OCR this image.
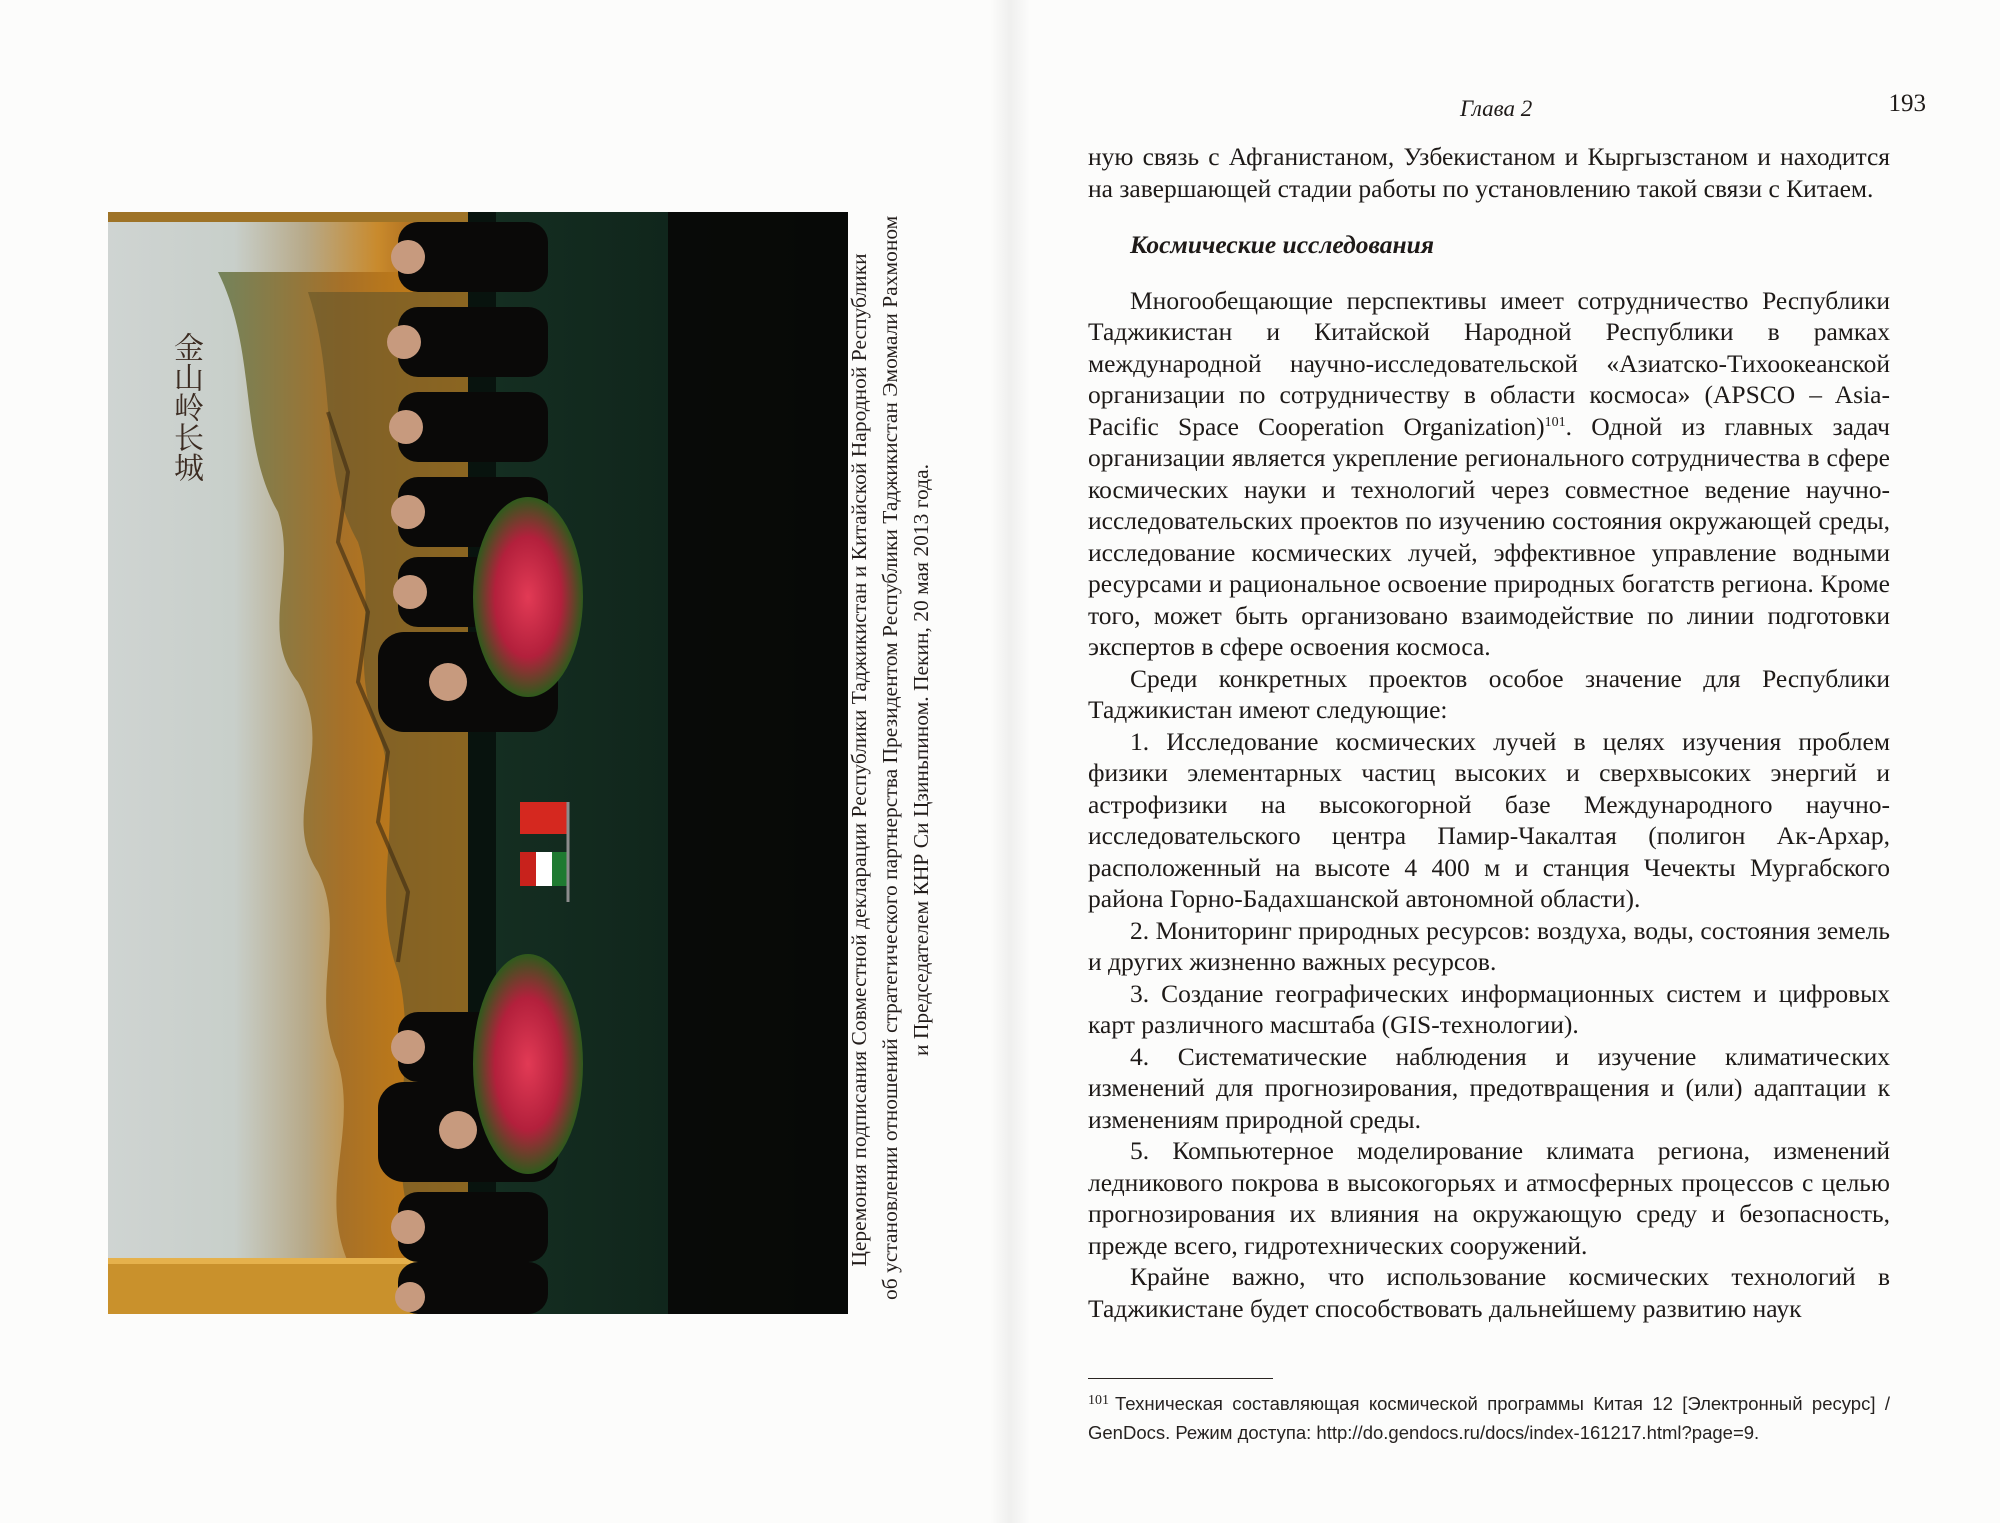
金山岭长城	Церемония подписания Совместной декларации Республики Таджикистан и Китайской Народной Республики об установлении отношений стратегического партнерства Президентом Республики Таджикистан Эмомали Рахмоном и Председателем КНР Си Цзиньпином. Пекин, 20 мая 2013 года.
Глава 2	193

ную связь с Афганистаном, Узбекистаном и Кыргызстаном и находится на завершающей стадии работы по установлению такой связи с Китаем.

Космические исследования

Многообещающие перспективы имеет сотрудничество Республики Таджикистан и Китайской Народной Республики в рамках международной научно-исследовательской «Азиатско-Тихоокеанской организации по сотрудничеству в области космоса» (APSCO – Asia-Pacific Space Cooperation Organization)$^{101}$. Одной из главных задач организации является укрепление регионального сотрудничества в сфере космических науки и технологий через совместное ведение научно-исследовательских проектов по изучению состояния окружающей среды, исследование космических лучей, эффективное управление водными ресурсами и рациональное освоение природных богатств региона. Кроме того, может быть организовано взаимодействие по линии подготовки экспертов в сфере освоения космоса.

Среди конкретных проектов особое значение для Республики Таджикистан имеют следующие:

1. Исследование космических лучей в целях изучения проблем физики элементарных частиц высоких и сверхвысоких энергий и астрофизики на высокогорной базе Международного научно-исследовательского центра Памир-Чакалтая (полигон Ак-Архар, расположенный на высоте 4 400 м и станция Чечекты Мургабского района Горно-Бадахшанской автономной области).

2. Мониторинг природных ресурсов: воздуха, воды, состояния земель и других жизненно важных ресурсов.

3. Создание географических информационных систем и цифровых карт различного масштаба (GIS-технологии).

4. Систематические наблюдения и изучение климатических изменений для прогнозирования, предотвращения и (или) адаптации к изменениям природной среды.

5. Компьютерное моделирование климата региона, изменений ледникового покрова в высокогорьях и атмосферных процессов с целью прогнозирования их влияния на окружающую среду и безопасность, прежде всего, гидротехнических сооружений.

Крайне важно, что использование космических технологий в Таджикистане будет способствовать дальнейшему развитию наук

$^{101}$ Техническая составляющая космической программы Китая 12 [Электронный ресурс] / GenDocs. Режим доступа: http://do.gendocs.ru/docs/index-161217.html?page=9.
